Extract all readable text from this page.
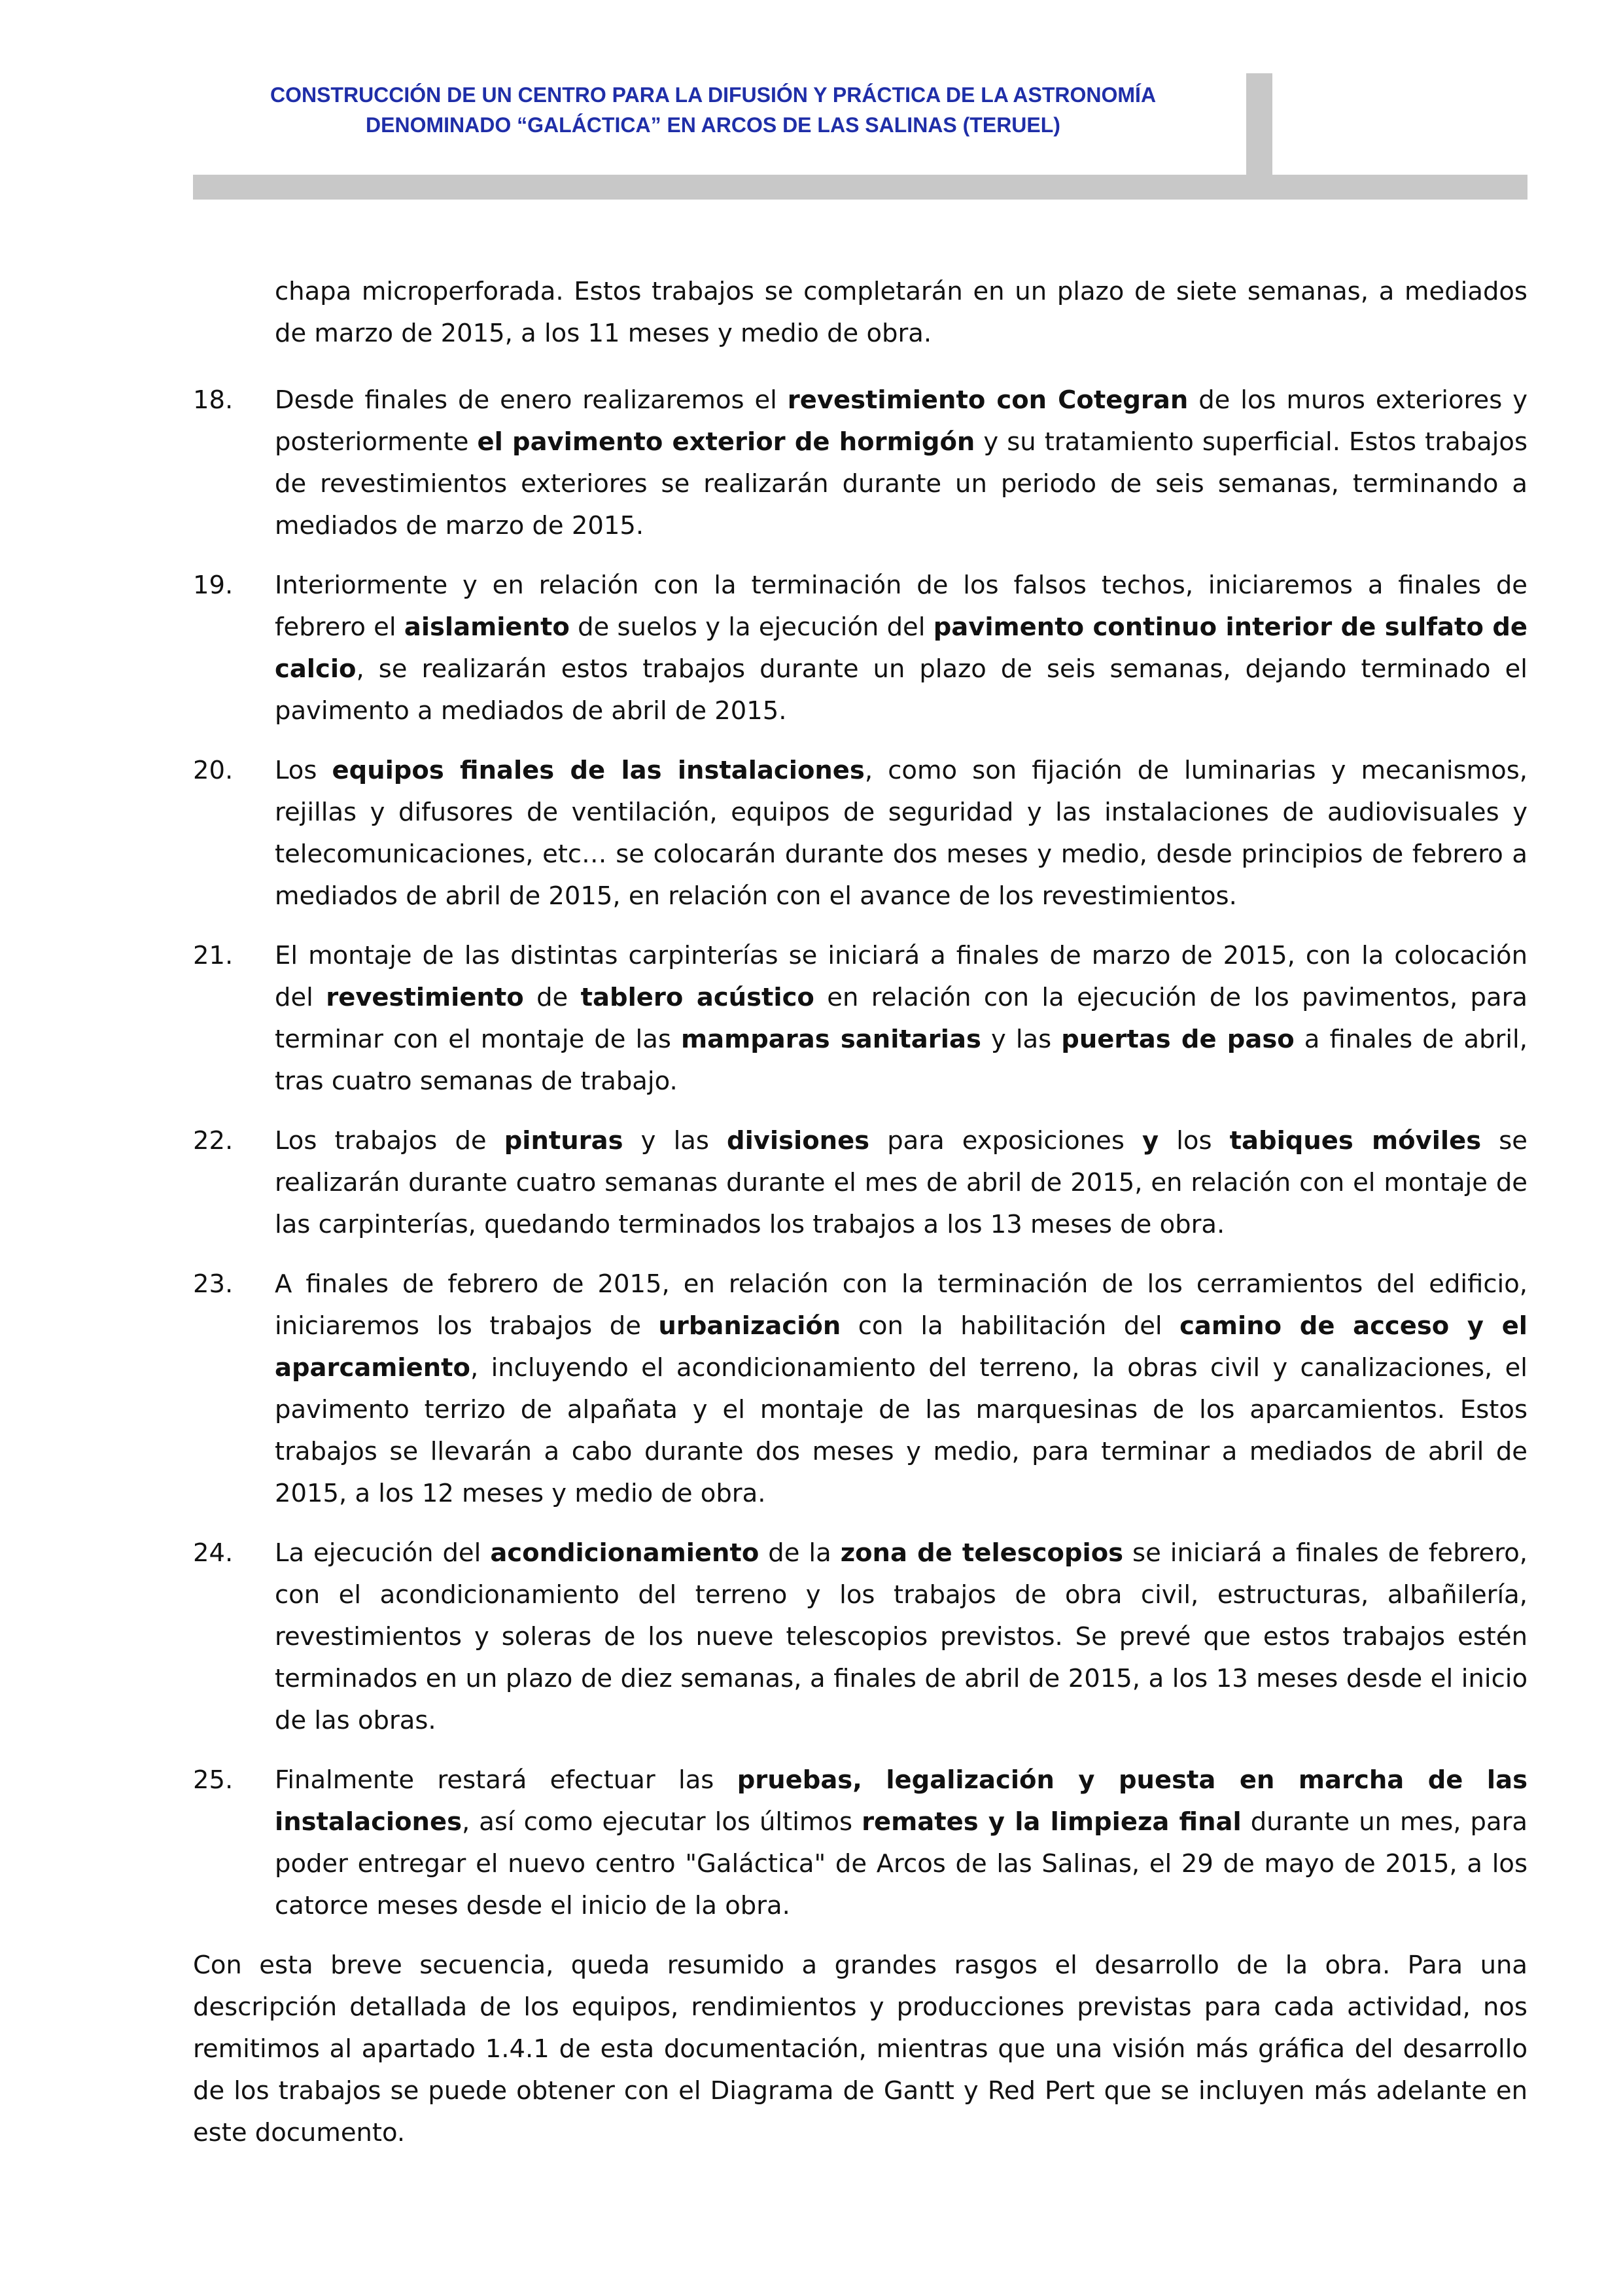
CONSTRUCCIÓN DE UN CENTRO PARA LA DIFUSIÓN Y PRÁCTICA DE LA ASTRONOMÍA
DENOMINADO “GALÁCTICA” EN ARCOS DE LAS SALINAS (TERUEL)

chapa microperforada. Estos trabajos se completarán en un plazo de siete semanas, a mediados de marzo de 2015, a los 11 meses y medio de obra.

18. Desde finales de enero realizaremos el revestimiento con Cotegran de los muros exteriores y posteriormente el pavimento exterior de hormigón y su tratamiento superficial. Estos trabajos de revestimientos exteriores se realizarán durante un periodo de seis semanas, terminando a mediados de marzo de 2015.

19. Interiormente y en relación con la terminación de los falsos techos, iniciaremos a finales de febrero el aislamiento de suelos y la ejecución del pavimento continuo interior de sulfato de calcio, se realizarán estos trabajos durante un plazo de seis semanas, dejando terminado el pavimento a mediados de abril de 2015.

20. Los equipos finales de las instalaciones, como son fijación de luminarias y mecanismos, rejillas y difusores de ventilación, equipos de seguridad y las instalaciones de audiovisuales y telecomunicaciones, etc… se colocarán durante dos meses y medio, desde principios de febrero a mediados de abril de 2015, en relación con el avance de los revestimientos.

21. El montaje de las distintas carpinterías se iniciará a finales de marzo de 2015, con la colocación del revestimiento de tablero acústico en relación con la ejecución de los pavimentos, para terminar con el montaje de las mamparas sanitarias y las puertas de paso a finales de abril, tras cuatro semanas de trabajo.

22. Los trabajos de pinturas y las divisiones para exposiciones y los tabiques móviles se realizarán durante cuatro semanas durante el mes de abril de 2015, en relación con el montaje de las carpinterías, quedando terminados los trabajos a los 13 meses de obra.

23. A finales de febrero de 2015, en relación con la terminación de los cerramientos del edificio, iniciaremos los trabajos de urbanización con la habilitación del camino de acceso y el aparcamiento, incluyendo el acondicionamiento del terreno, la obras civil y canalizaciones, el pavimento terrizo de alpañata y el montaje de las marquesinas de los aparcamientos. Estos trabajos se llevarán a cabo durante dos meses y medio, para terminar a mediados de abril de 2015, a los 12 meses y medio de obra.

24. La ejecución del acondicionamiento de la zona de telescopios se iniciará a finales de febrero, con el acondicionamiento del terreno y los trabajos de obra civil, estructuras, albañilería, revestimientos y soleras de los nueve telescopios previstos. Se prevé que estos trabajos estén terminados en un plazo de diez semanas, a finales de abril de 2015, a los 13 meses desde el inicio de las obras.

25. Finalmente restará efectuar las pruebas, legalización y puesta en marcha de las instalaciones, así como ejecutar los últimos remates y la limpieza final durante un mes, para poder entregar el nuevo centro "Galáctica" de Arcos de las Salinas, el 29 de mayo de 2015, a los catorce meses desde el inicio de la obra.

Con esta breve secuencia, queda resumido a grandes rasgos el desarrollo de la obra. Para una descripción detallada de los equipos, rendimientos y producciones previstas para cada actividad, nos remitimos al apartado 1.4.1 de esta documentación, mientras que una visión más gráfica del desarrollo de los trabajos se puede obtener con el Diagrama de Gantt y Red Pert que se incluyen más adelante en este documento.
